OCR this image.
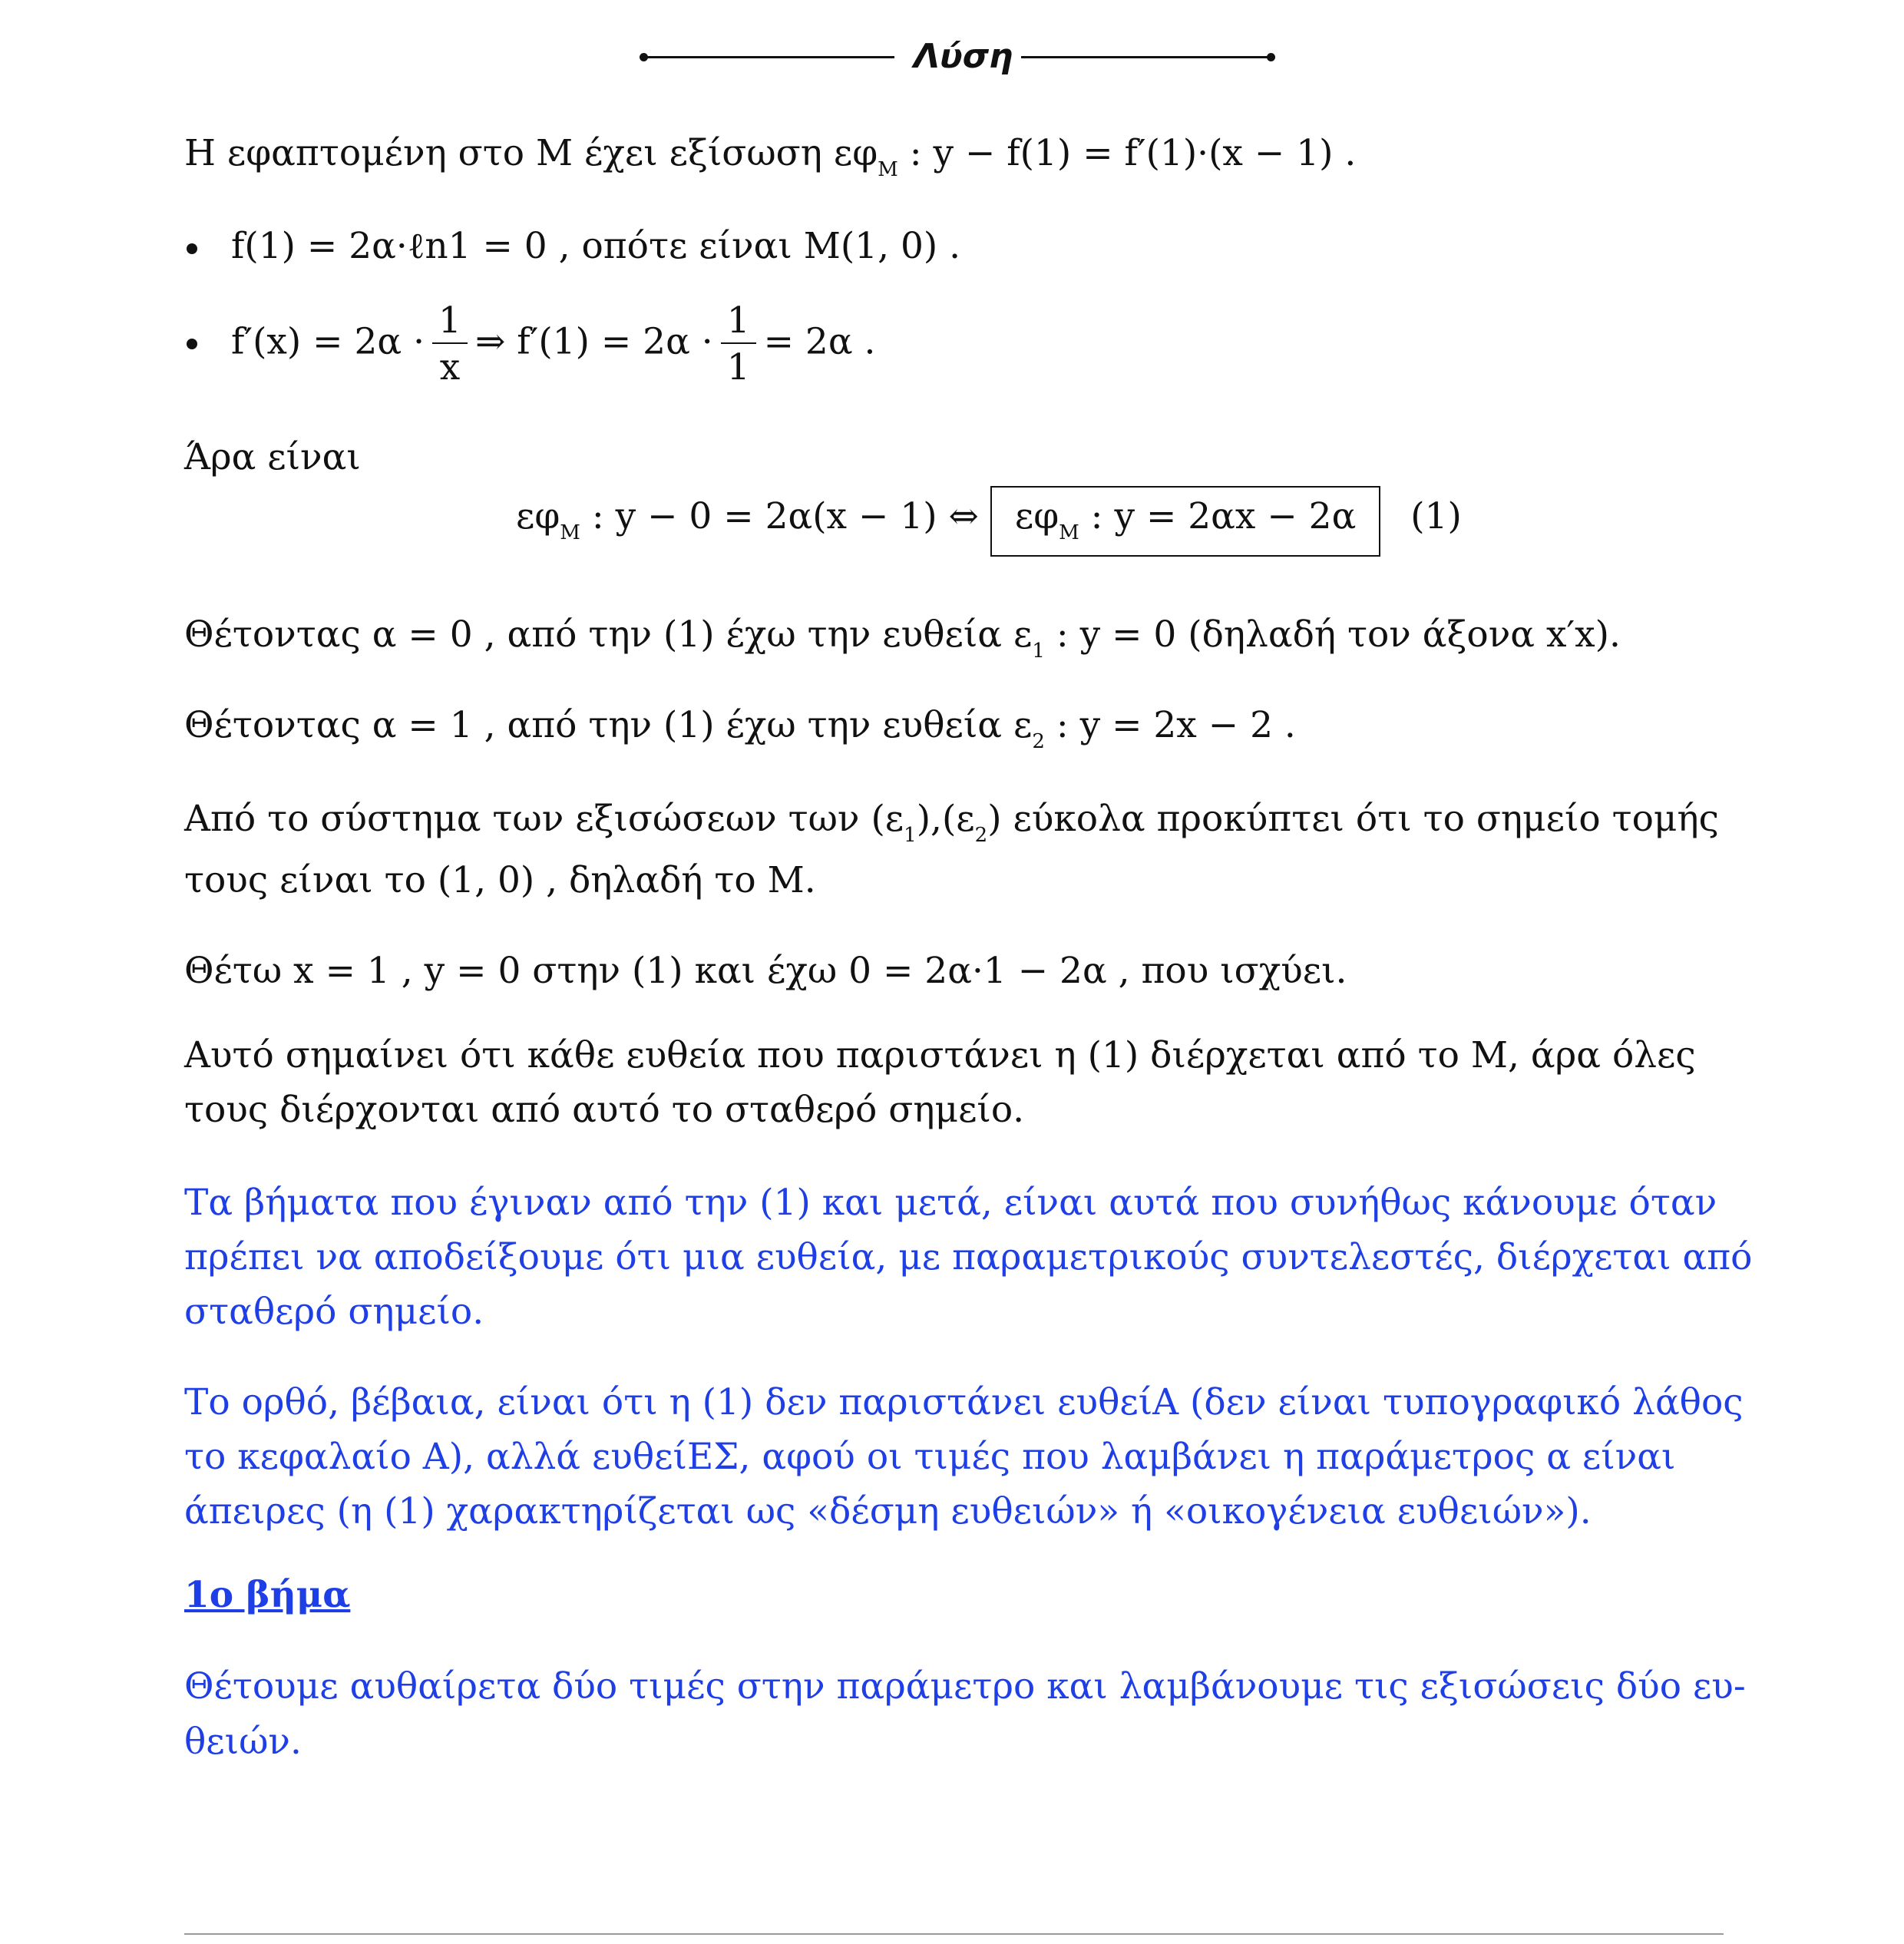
Λύση
Η εφαπτομένη στο Μ έχει εξίσωση $\varepsilon\varphi_M$ : y − f(1) = f′(1)·(x − 1) .
f(1) = 2α·ℓn1 = 0 , οπότε είναι Μ(1, 0) .
$f'(x) = 2\alpha \cdot \frac{1}{x}$ ⇒ $f'(1) = 2\alpha \cdot \frac{1}{1} = 2\alpha$ .
Άρα είναι
$\varepsilon\varphi_M$ : y − 0 = 2α(x − 1) ⇔ $\varepsilon\varphi_M$ : y = 2αx − 2α (1)
Θέτοντας α = 0 , από την (1) έχω την ευθεία $\varepsilon_1$ : y = 0 (δηλαδή τον άξονα x′x).
Θέτοντας α = 1 , από την (1) έχω την ευθεία $\varepsilon_2$ : y = 2x − 2 .
Από το σύστημα των εξισώσεων των $(\varepsilon_1),(\varepsilon_2)$ εύκολα προκύπτει ότι το σημείο τομής
τους είναι το (1, 0) , δηλαδή το Μ.
Θέτω x = 1 , y = 0 στην (1) και έχω 0 = 2α·1 − 2α , που ισχύει.
Αυτό σημαίνει ότι κάθε ευθεία που παριστάνει η (1) διέρχεται από το Μ, άρα όλες
τους διέρχονται από αυτό το σταθερό σημείο.
Τα βήματα που έγιναν από την (1) και μετά, είναι αυτά που συνήθως κάνουμε όταν
πρέπει να αποδείξουμε ότι μια ευθεία, με παραμετρικούς συντελεστές, διέρχεται από
σταθερό σημείο.
Το ορθό, βέβαια, είναι ότι η (1) δεν παριστάνει ευθείΑ (δεν είναι τυπογραφικό λάθος
το κεφαλαίο Α), αλλά ευθείΕΣ, αφού οι τιμές που λαμβάνει η παράμετρος α είναι
άπειρες (η (1) χαρακτηρίζεται ως «δέσμη ευθειών» ή «οικογένεια ευθειών»).
1ο βήμα
Θέτουμε αυθαίρετα δύο τιμές στην παράμετρο και λαμβάνουμε τις εξισώσεις δύο ευ-
θειών.
